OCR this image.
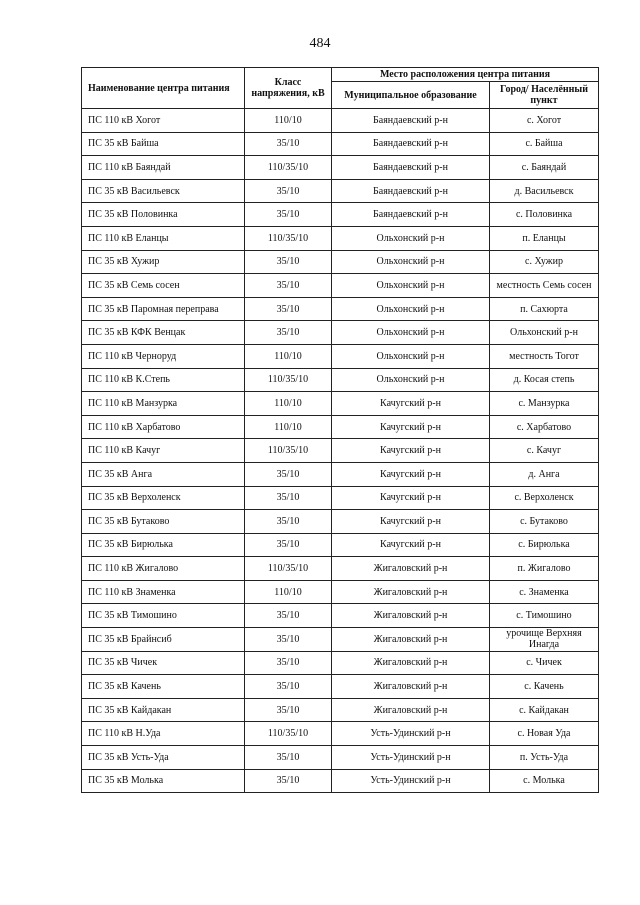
484
Наименование центра питания	Класс напряжения, кВ	Место расположения центра питания	
		Муниципальное образование	Город/ Населённый пункт
ПС 110 кВ Хогот	110/10	Баяндаевский р-н	с. Хогот
ПС 35 кВ Байша	35/10	Баяндаевский р-н	с. Байша
ПС 110 кВ Баяндай	110/35/10	Баяндаевский р-н	с. Баяндай
ПС 35 кВ Васильевск	35/10	Баяндаевский р-н	д. Васильевск
ПС 35 кВ Половинка	35/10	Баяндаевский р-н	с. Половинка
ПС 110 кВ Еланцы	110/35/10	Ольхонский р-н	п. Еланцы
ПС 35 кВ Хужир	35/10	Ольхонский р-н	с. Хужир
ПС 35 кВ Семь сосен	35/10	Ольхонский р-н	местность Семь сосен
ПС 35 кВ Паромная переправа	35/10	Ольхонский р-н	п. Сахюрта
ПС 35 кВ КФК Венцак	35/10	Ольхонский р-н	Ольхонский р-н
ПС 110 кВ Черноруд	110/10	Ольхонский р-н	местность Тогот
ПС 110 кВ К.Степь	110/35/10	Ольхонский р-н	д. Косая степь
ПС 110 кВ Манзурка	110/10	Качугский р-н	с. Манзурка
ПС 110 кВ Харбатово	110/10	Качугский р-н	с. Харбатово
ПС 110 кВ Качуг	110/35/10	Качугский р-н	с. Качуг
ПС 35 кВ Анга	35/10	Качугский р-н	д. Анга
ПС 35 кВ Верхоленск	35/10	Качугский р-н	с. Верхоленск
ПС 35 кВ Бутаково	35/10	Качугский р-н	с. Бутаково
ПС 35 кВ Бирюлька	35/10	Качугский р-н	с. Бирюлька
ПС 110 кВ Жигалово	110/35/10	Жигаловский р-н	п. Жигалово
ПС 110 кВ Знаменка	110/10	Жигаловский р-н	с. Знаменка
ПС 35 кВ Тимошино	35/10	Жигаловский р-н	с. Тимошино
ПС 35 кВ Брайнсиб	35/10	Жигаловский р-н	урочище Верхняя Инагда
ПС 35 кВ Чичек	35/10	Жигаловский р-н	с. Чичек
ПС 35 кВ Качень	35/10	Жигаловский р-н	с. Качень
ПС 35 кВ Кайдакан	35/10	Жигаловский р-н	с. Кайдакан
ПС 110 кВ Н.Уда	110/35/10	Усть-Удинский р-н	с. Новая Уда
ПС 35 кВ Усть-Уда	35/10	Усть-Удинский р-н	п. Усть-Уда
ПС 35 кВ Молька	35/10	Усть-Удинский р-н	с. Молька
